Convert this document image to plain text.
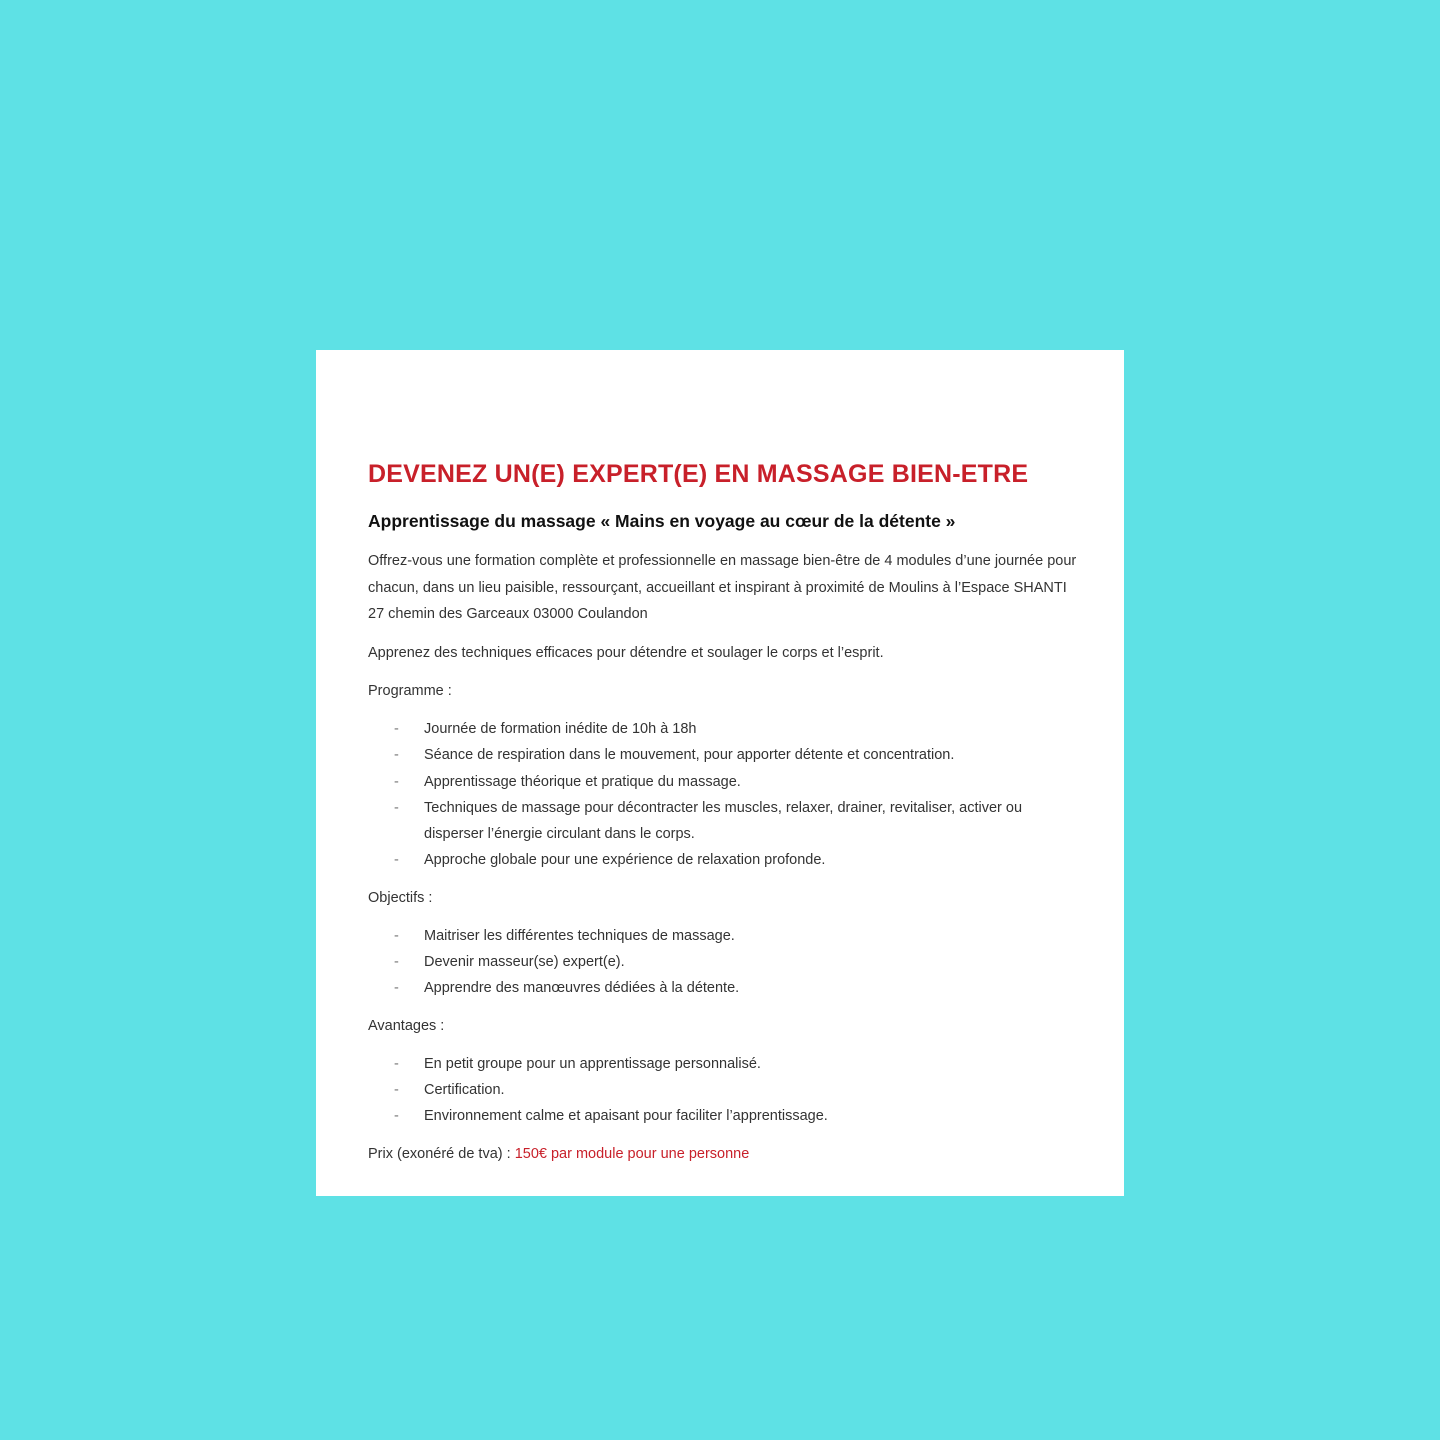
DEVENEZ UN(E) EXPERT(E) EN MASSAGE BIEN-ETRE
Apprentissage du massage « Mains en voyage au cœur de la détente »

Offrez-vous une formation complète et professionnelle en massage bien-être de 4 modules d’une journée pour chacun, dans un lieu paisible, ressourçant, accueillant et inspirant à proximité de Moulins à l’Espace SHANTI 27 chemin des Garceaux 03000 Coulandon

Apprenez des techniques efficaces pour détendre et soulager le corps et l’esprit.

Programme :
- Journée de formation inédite de 10h à 18h
- Séance de respiration dans le mouvement, pour apporter détente et concentration.
- Apprentissage théorique et pratique du massage.
- Techniques de massage pour décontracter les muscles, relaxer, drainer, revitaliser, activer ou disperser l’énergie circulant dans le corps.
- Approche globale pour une expérience de relaxation profonde.
Objectifs :
- Maitriser les différentes techniques de massage.
- Devenir masseur(se) expert(e).
- Apprendre des manœuvres dédiées à la détente.
Avantages :
- En petit groupe pour un apprentissage personnalisé.
- Certification.
- Environnement calme et apaisant pour faciliter l’apprentissage.
Prix (exonéré de tva) : 150€ par module pour une personne
